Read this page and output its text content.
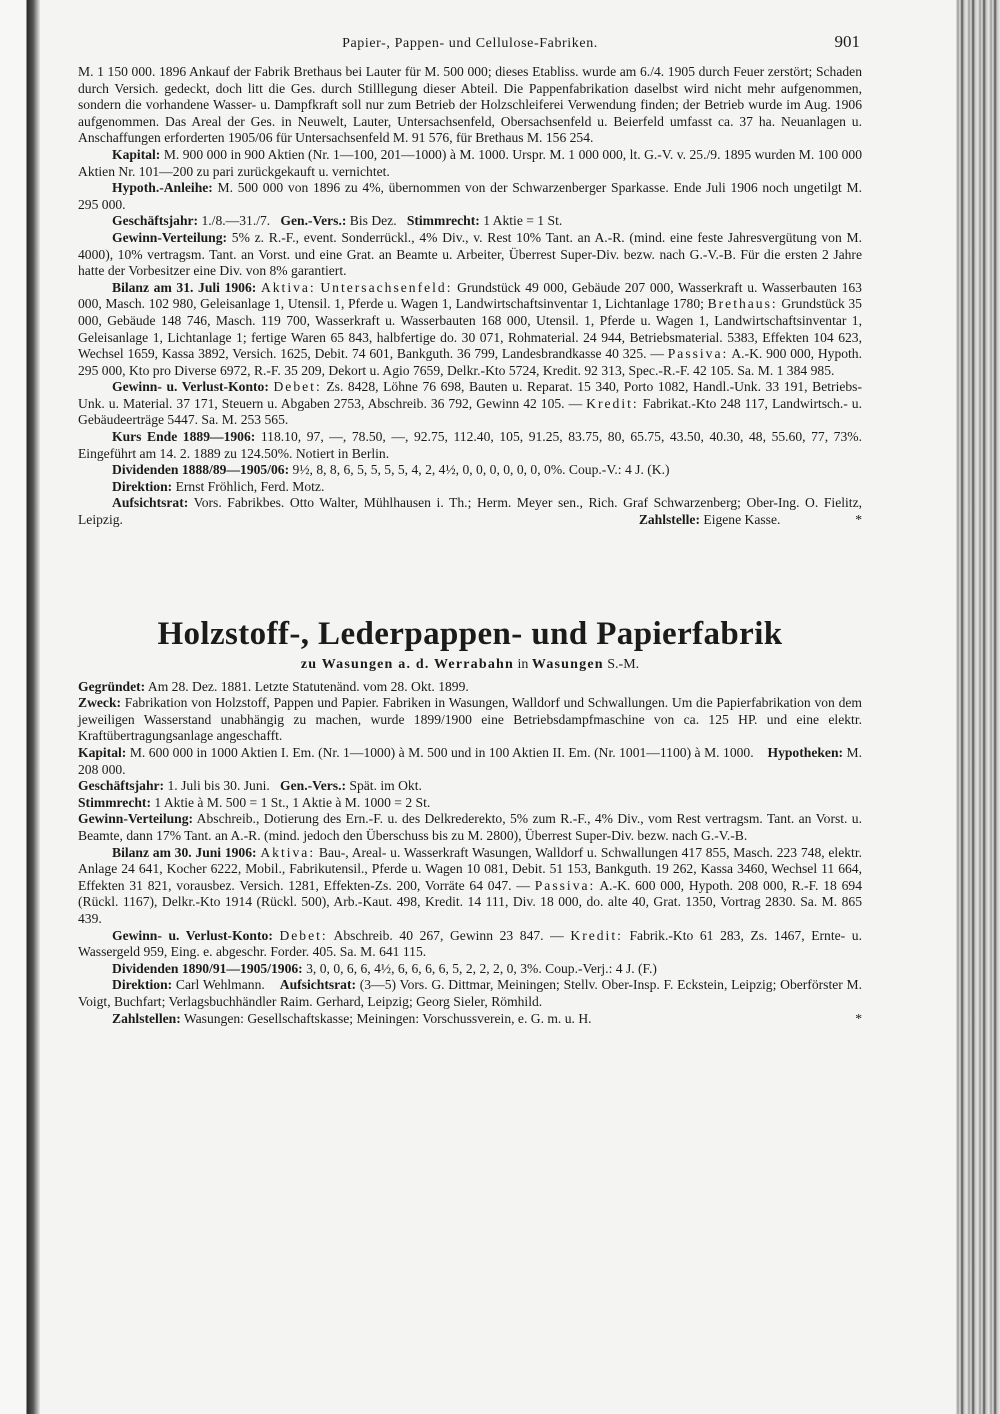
Papier-, Pappen- und Cellulose-Fabriken.	901

M. 1 150 000. 1896 Ankauf der Fabrik Brethaus bei Lauter für M. 500 000; dieses Etabliss. wurde am 6./4. 1905 durch Feuer zerstört; Schaden durch Versich. gedeckt, doch litt die Ges. durch Stilllegung dieser Abteil. Die Pappenfabrikation daselbst wird nicht mehr aufgenommen, sondern die vorhandene Wasser- u. Dampfkraft soll nur zum Betrieb der Holzschleiferei Verwendung finden; der Betrieb wurde im Aug. 1906 aufgenommen. Das Areal der Ges. in Neuwelt, Lauter, Untersachsenfeld, Obersachsenfeld u. Beierfeld umfasst ca. 37 ha. Neuanlagen u. Anschaffungen erforderten 1905/06 für Untersachsenfeld M. 91 576, für Brethaus M. 156 254.

Kapital: M. 900 000 in 900 Aktien (Nr. 1—100, 201—1000) à M. 1000. Urspr. M. 1 000 000, lt. G.-V. v. 25./9. 1895 wurden M. 100 000 Aktien Nr. 101—200 zu pari zurückgekauft u. vernichtet.

Hypoth.-Anleihe: M. 500 000 von 1896 zu 4%, übernommen von der Schwarzenberger Sparkasse. Ende Juli 1906 noch ungetilgt M. 295 000.

Geschäftsjahr: 1./8.—31./7. Gen.-Vers.: Bis Dez. Stimmrecht: 1 Aktie = 1 St.

Gewinn-Verteilung: 5% z. R.-F., event. Sonderrückl., 4% Div., v. Rest 10% Tant. an A.-R. (mind. eine feste Jahresvergütung von M. 4000), 10% vertragsm. Tant. an Vorst. und eine Grat. an Beamte u. Arbeiter, Überrest Super-Div. bezw. nach G.-V.-B. Für die ersten 2 Jahre hatte der Vorbesitzer eine Div. von 8% garantiert.

Bilanz am 31. Juli 1906: Aktiva: Untersachsenfeld: Grundstück 49 000, Gebäude 207 000, Wasserkraft u. Wasserbauten 163 000, Masch. 102 980, Geleisanlage 1, Utensil. 1, Pferde u. Wagen 1, Landwirtschaftsinventar 1, Lichtanlage 1780; Brethaus: Grundstück 35 000, Gebäude 148 746, Masch. 119 700, Wasserkraft u. Wasserbauten 168 000, Utensil. 1, Pferde u. Wagen 1, Landwirtschaftsinventar 1, Geleisanlage 1, Lichtanlage 1; fertige Waren 65 843, halbfertige do. 30 071, Rohmaterial. 24 944, Betriebsmaterial. 5383, Effekten 104 623, Wechsel 1659, Kassa 3892, Versich. 1625, Debit. 74 601, Bankguth. 36 799, Landesbrandkasse 40 325. — Passiva: A.-K. 900 000, Hypoth. 295 000, Kto pro Diverse 6972, R.-F. 35 209, Dekort u. Agio 7659, Delkr.-Kto 5724, Kredit. 92 313, Spec.-R.-F. 42 105. Sa. M. 1 384 985.

Gewinn- u. Verlust-Konto: Debet: Zs. 8428, Löhne 76 698, Bauten u. Reparat. 15 340, Porto 1082, Handl.-Unk. 33 191, Betriebs-Unk. u. Material. 37 171, Steuern u. Abgaben 2753, Abschreib. 36 792, Gewinn 42 105. — Kredit: Fabrikat.-Kto 248 117, Landwirtsch.- u. Gebäudeerträge 5447. Sa. M. 253 565.

Kurs Ende 1889—1906: 118.10, 97, —, 78.50, —, 92.75, 112.40, 105, 91.25, 83.75, 80, 65.75, 43.50, 40.30, 48, 55.60, 77, 73%. Eingeführt am 14. 2. 1889 zu 124.50%. Notiert in Berlin.

Dividenden 1888/89—1905/06: 9½, 8, 8, 6, 5, 5, 5, 5, 4, 2, 4½, 0, 0, 0, 0, 0, 0, 0%. Coup.-V.: 4 J. (K.)

Direktion: Ernst Fröhlich, Ferd. Motz.

Aufsichtsrat: Vors. Fabrikbes. Otto Walter, Mühlhausen i. Th.; Herm. Meyer sen., Rich. Graf Schwarzenberg; Ober-Ing. O. Fielitz, Leipzig.	*

Zahlstelle: Eigene Kasse.

Holzstoff-, Lederpappen- und Papierfabrik
zu Wasungen a. d. Werrabahn in Wasungen S.-M.

Gegründet: Am 28. Dez. 1881. Letzte Statutenänd. vom 28. Okt. 1899.

Zweck: Fabrikation von Holzstoff, Pappen und Papier. Fabriken in Wasungen, Walldorf und Schwallungen. Um die Papierfabrikation von dem jeweiligen Wasserstand unabhängig zu machen, wurde 1899/1900 eine Betriebsdampfmaschine von ca. 125 HP. und eine elektr. Kraftübertragungsanlage angeschafft.

Kapital: M. 600 000 in 1000 Aktien I. Em. (Nr. 1—1000) à M. 500 und in 100 Aktien II. Em. (Nr. 1001—1100) à M. 1000. Hypotheken: M. 208 000.

Geschäftsjahr: 1. Juli bis 30. Juni. Gen.-Vers.: Spät. im Okt.

Stimmrecht: 1 Aktie à M. 500 = 1 St., 1 Aktie à M. 1000 = 2 St.

Gewinn-Verteilung: Abschreib., Dotierung des Ern.-F. u. des Delkrederekto, 5% zum R.-F., 4% Div., vom Rest vertragsm. Tant. an Vorst. u. Beamte, dann 17% Tant. an A.-R. (mind. jedoch den Überschuss bis zu M. 2800), Überrest Super-Div. bezw. nach G.-V.-B.

Bilanz am 30. Juni 1906: Aktiva: Bau-, Areal- u. Wasserkraft Wasungen, Walldorf u. Schwallungen 417 855, Masch. 223 748, elektr. Anlage 24 641, Kocher 6222, Mobil., Fabrikutensil., Pferde u. Wagen 10 081, Debit. 51 153, Bankguth. 19 262, Kassa 3460, Wechsel 11 664, Effekten 31 821, vorausbez. Versich. 1281, Effekten-Zs. 200, Vorräte 64 047. — Passiva: A.-K. 600 000, Hypoth. 208 000, R.-F. 18 694 (Rückl. 1167), Delkr.-Kto 1914 (Rückl. 500), Arb.-Kaut. 498, Kredit. 14 111, Div. 18 000, do. alte 40, Grat. 1350, Vortrag 2830. Sa. M. 865 439.

Gewinn- u. Verlust-Konto: Debet: Abschreib. 40 267, Gewinn 23 847. — Kredit: Fabrik.-Kto 61 283, Zs. 1467, Ernte- u. Wassergeld 959, Eing. e. abgeschr. Forder. 405. Sa. M. 641 115.

Dividenden 1890/91—1905/1906: 3, 0, 0, 6, 6, 4½, 6, 6, 6, 6, 5, 2, 2, 2, 0, 3%. Coup.-Verj.: 4 J. (F.)

Direktion: Carl Wehlmann. Aufsichtsrat: (3—5) Vors. G. Dittmar, Meiningen; Stellv. Ober-Insp. F. Eckstein, Leipzig; Oberförster M. Voigt, Buchfart; Verlagsbuchhändler Raim. Gerhard, Leipzig; Georg Sieler, Römhild.

Zahlstellen: Wasungen: Gesellschaftskasse; Meiningen: Vorschussverein, e. G. m. u. H.	*
